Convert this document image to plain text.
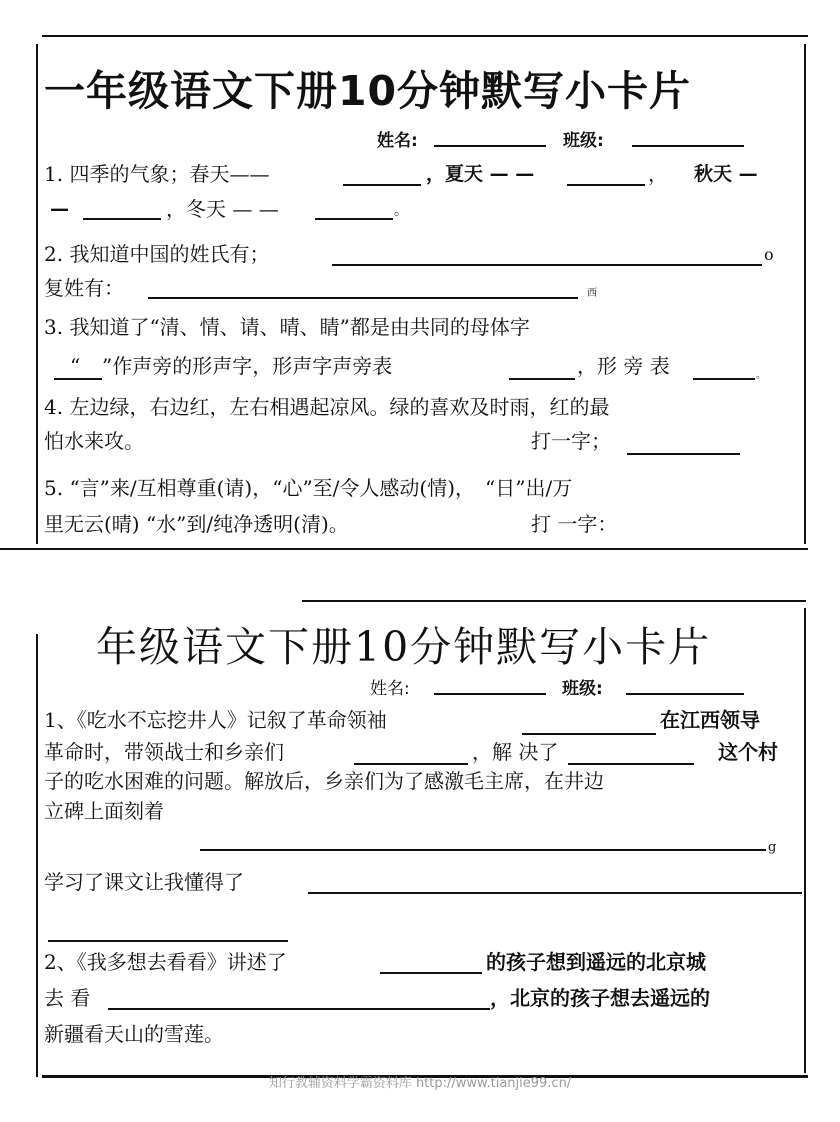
一年级语文下册10分钟默写小卡片
姓名:	班级:
1. 四季的气象；春天——	，夏天 — —	， 秋天 —
—	，冬天 — —	。
2. 我知道中国的姓氏有；	o
复姓有：	西
3. 我知道了“清、情、请、晴、睛”都是由共同的母体字
“ ”作声旁的形声字，形声字声旁表	，形 旁 表	。
4. 左边绿，右边红，左右相遇起凉风。绿的喜欢及时雨，红的最
怕水来攻。	打一字；
5. “言”来/互相尊重(请)，“心”至/令人感动(情)，　“日”出/万
里无云(晴) “水”到/纯净透明(清)。	打 一字：
年级语文下册10分钟默写小卡片
姓名:	班级:
1、《吃水不忘挖井人》记叙了革命领袖	在江西领导
革命时，带领战士和乡亲们	，解 决了	这个村
子的吃水困难的问题。解放后，乡亲们为了感激毛主席，在井边
立碑上面刻着
g
学习了课文让我懂得了
2、《我多想去看看》讲述了	的孩子想到遥远的北京城
去 看	，北京的孩子想去遥远的
新疆看天山的雪莲。
知行教辅资料学霸资料库 http://www.tianjie99.cn/
